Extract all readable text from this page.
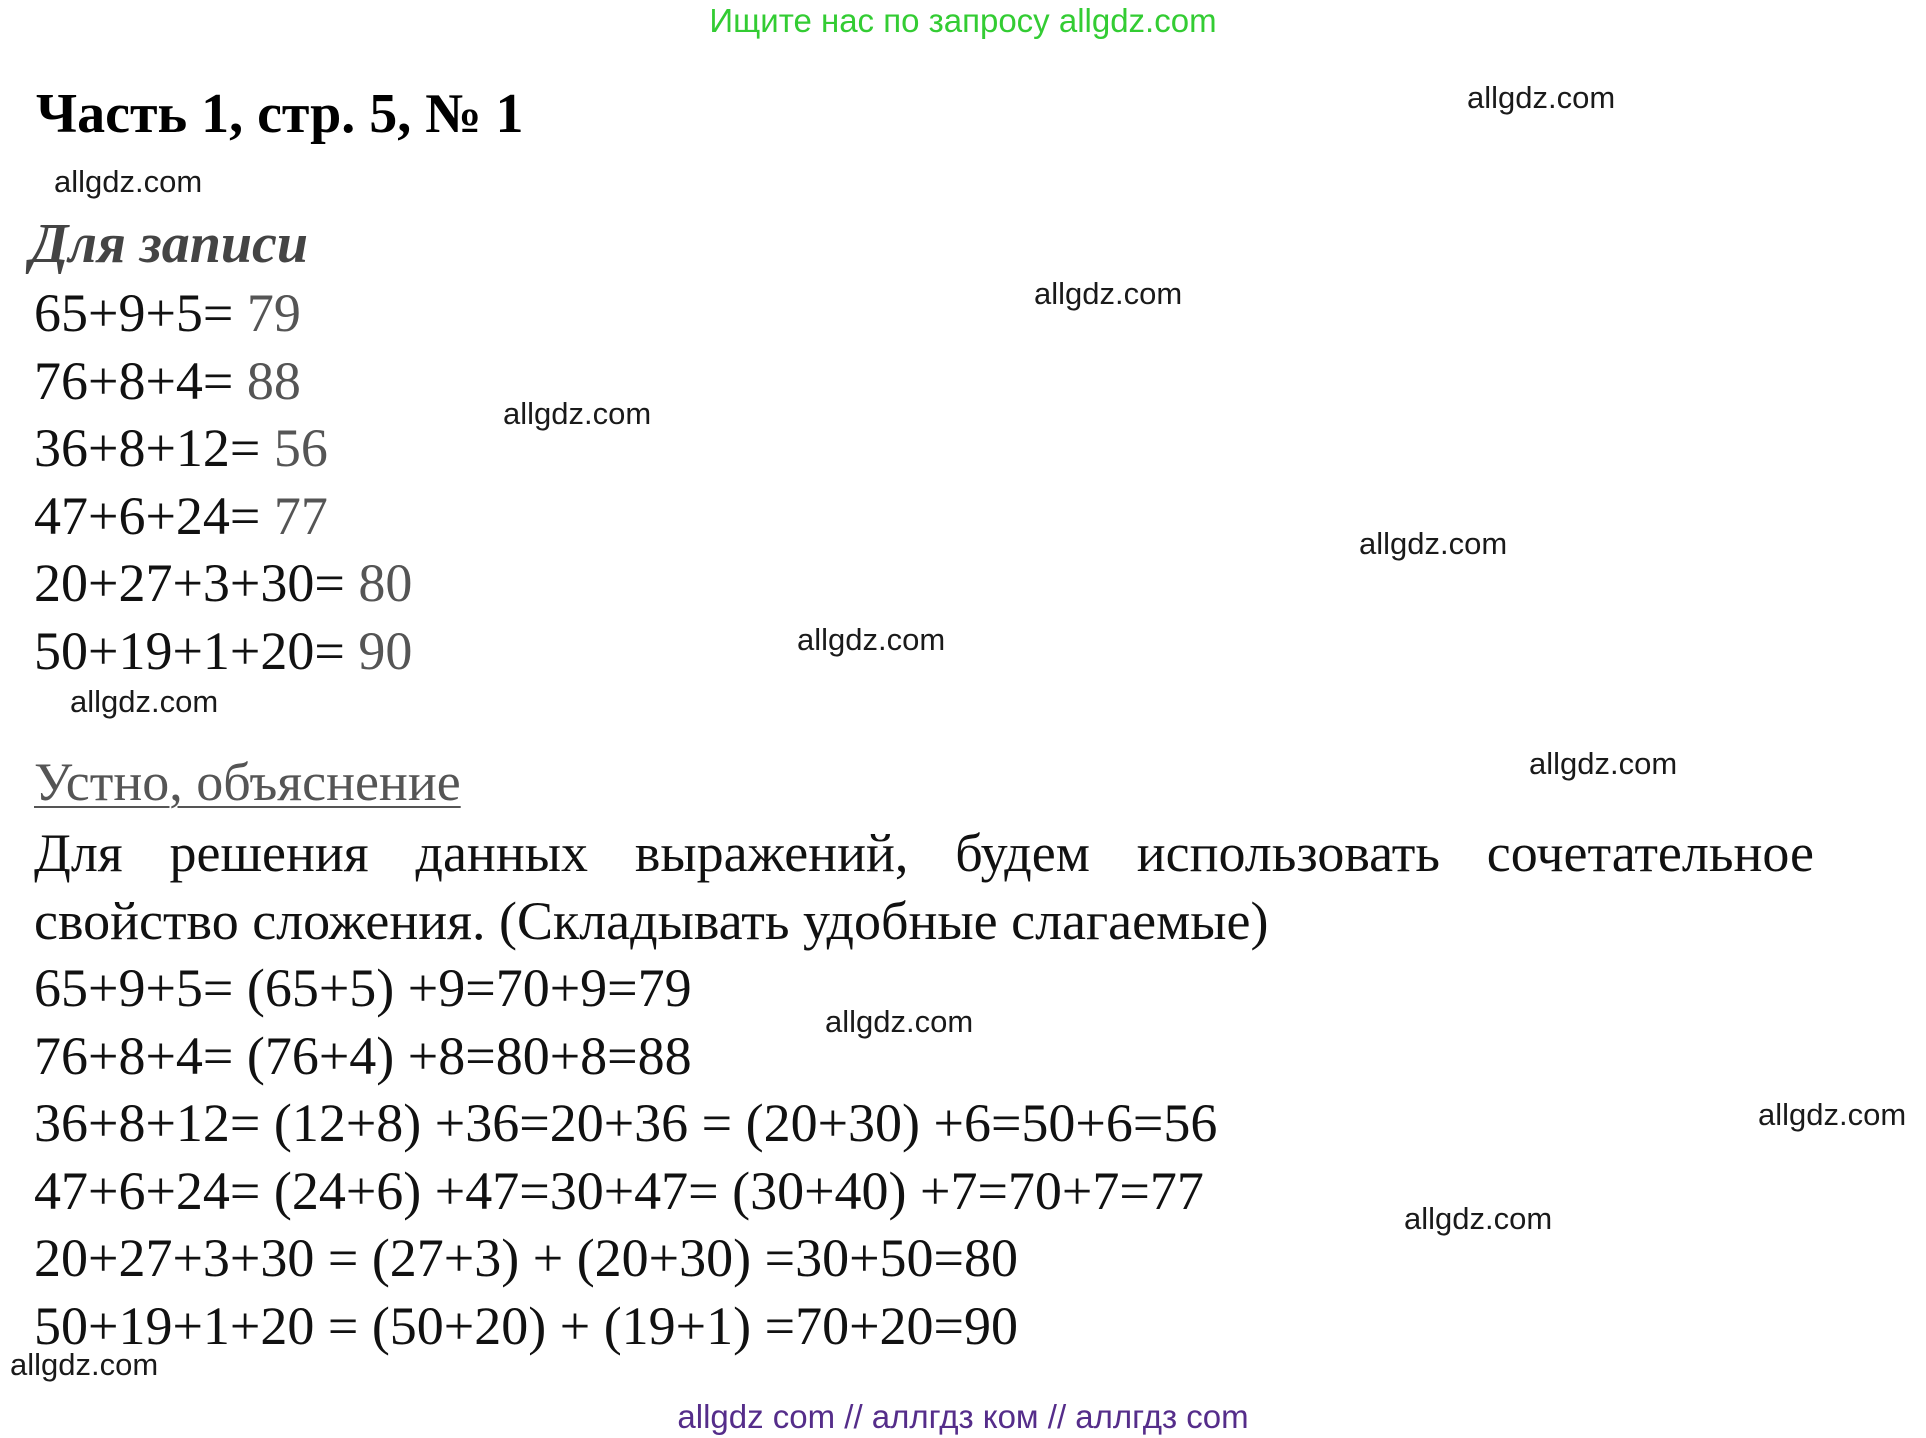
Ищите нас по запросу allgdz.com
Часть 1, стр. 5, № 1
Для записи
65+9+5= 79
76+8+4= 88
36+8+12= 56
47+6+24= 77
20+27+3+30= 80
50+19+1+20= 90
Устно, объяснение
Для решения данных выражений, будем использовать сочетательное свойство сложения. (Складывать удобные слагаемые)
65+9+5= (65+5) +9=70+9=79
76+8+4= (76+4) +8=80+8=88
36+8+12= (12+8) +36=20+36 = (20+30) +6=50+6=56
47+6+24= (24+6) +47=30+47= (30+40) +7=70+7=77
20+27+3+30 = (27+3) + (20+30) =30+50=80
50+19+1+20 = (50+20) + (19+1) =70+20=90
allgdz.com
allgdz.com
allgdz.com
allgdz.com
allgdz.com
allgdz.com
allgdz.com
allgdz.com
allgdz.com
allgdz.com
allgdz.com
allgdz.com
allgdz com // аллгдз ком // аллгдз com
